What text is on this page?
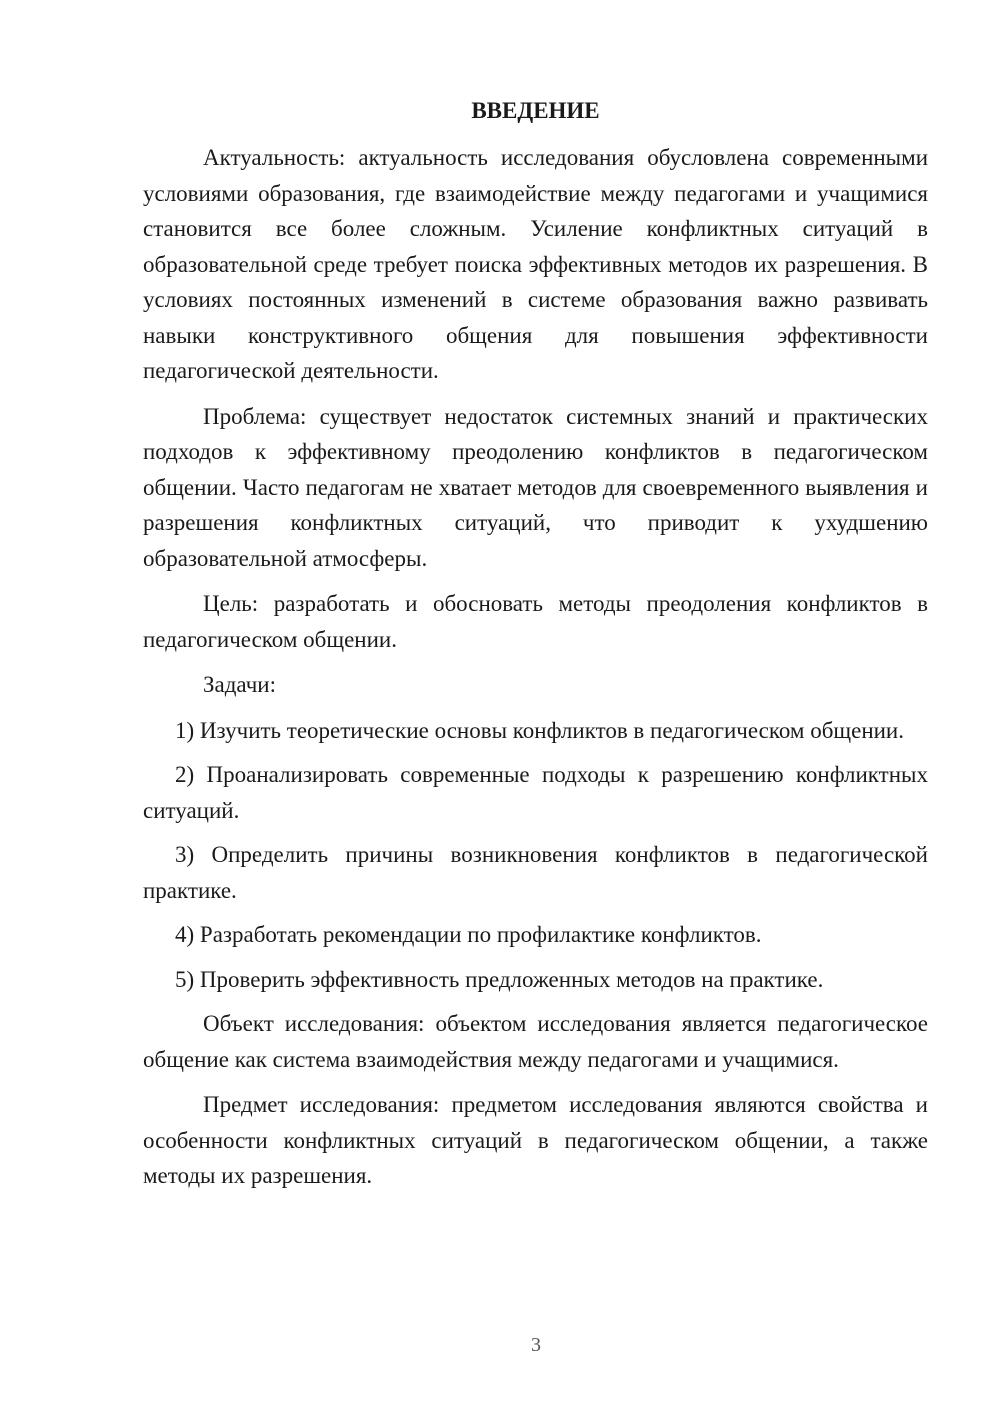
ВВЕДЕНИЕ

Актуальность: актуальность исследования обусловлена современными условиями образования, где взаимодействие между педагогами и учащимися становится все более сложным. Усиление конфликтных ситуаций в образовательной среде требует поиска эффективных методов их разрешения. В условиях постоянных изменений в системе образования важно развивать навыки конструктивного общения для повышения эффективности педагогической деятельности.

Проблема: существует недостаток системных знаний и практических подходов к эффективному преодолению конфликтов в педагогическом общении. Часто педагогам не хватает методов для своевременного выявления и разрешения конфликтных ситуаций, что приводит к ухудшению образовательной атмосферы.

Цель: разработать и обосновать методы преодоления конфликтов в педагогическом общении.

Задачи:

1) Изучить теоретические основы конфликтов в педагогическом общении.

2) Проанализировать современные подходы к разрешению конфликтных ситуаций.

3) Определить причины возникновения конфликтов в педагогической практике.

4) Разработать рекомендации по профилактике конфликтов.

5) Проверить эффективность предложенных методов на практике.

Объект исследования: объектом исследования является педагогическое общение как система взаимодействия между педагогами и учащимися.

Предмет исследования: предметом исследования являются свойства и особенности конфликтных ситуаций в педагогическом общении, а также методы их разрешения.

3
